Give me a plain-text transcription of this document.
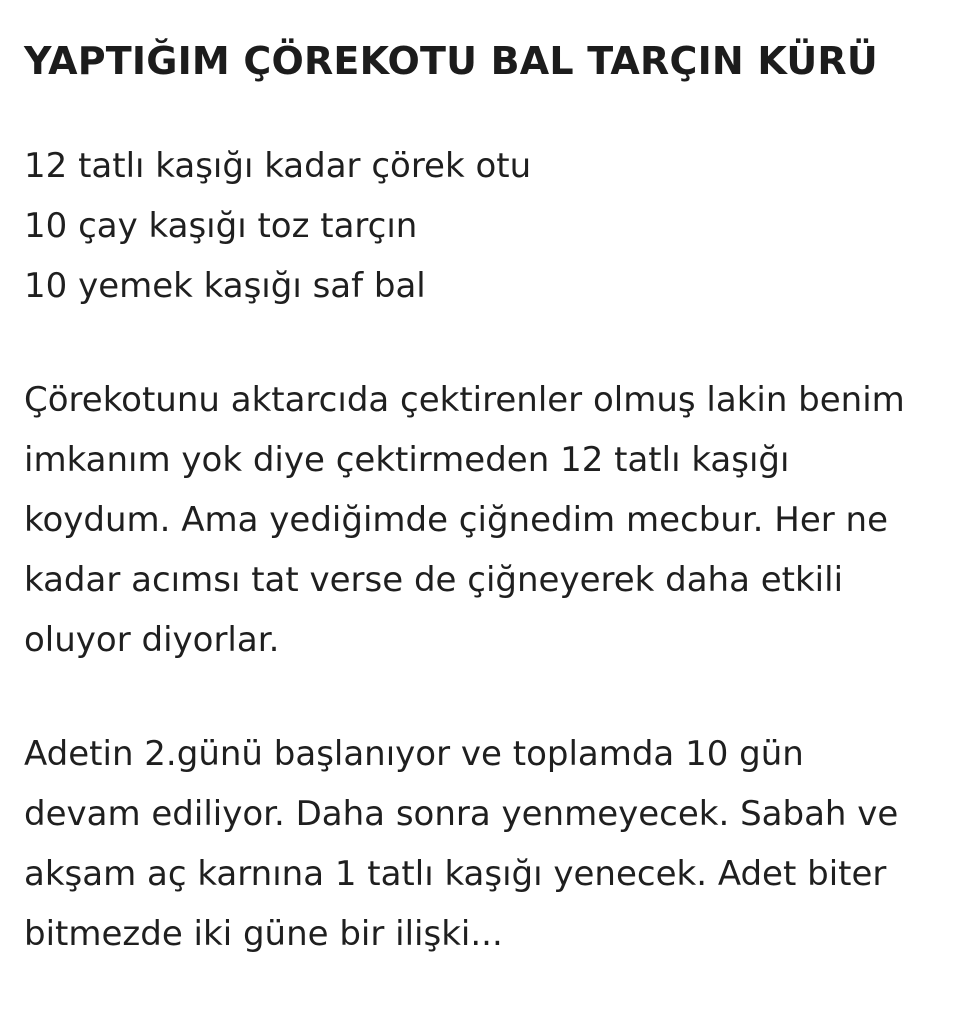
YAPTIĞIM ÇÖREKOTU BAL TARÇIN KÜRÜ
12 tatlı kaşığı kadar çörek otu
10 çay kaşığı toz tarçın
10 yemek kaşığı saf bal
Çörekotunu aktarcıda çektirenler olmuş lakin benim
imkanım yok diye çektirmeden 12 tatlı kaşığı
koydum. Ama yediğimde çiğnedim mecbur. Her ne
kadar acımsı tat verse de çiğneyerek daha etkili
oluyor diyorlar.
Adetin 2.günü başlanıyor ve toplamda 10 gün
devam ediliyor. Daha sonra yenmeyecek. Sabah ve
akşam aç karnına 1 tatlı kaşığı yenecek. Adet biter
bitmezde iki güne bir ilişki...
